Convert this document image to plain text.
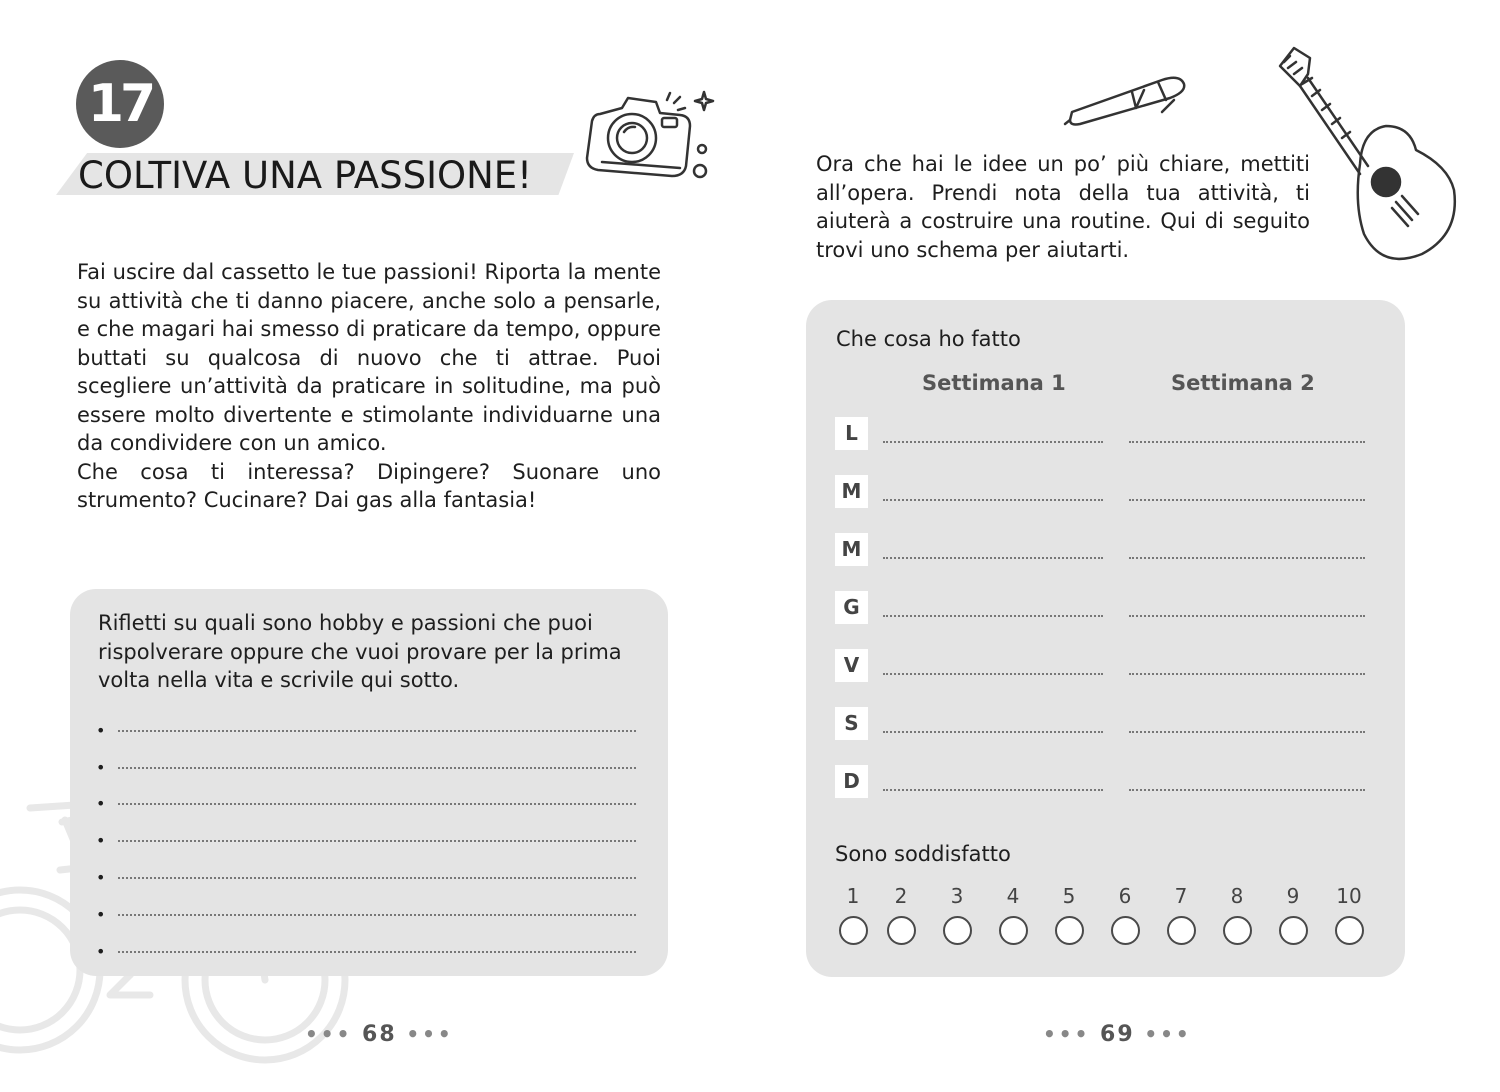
17
COLTIVA UNA PASSIONE!
Fai uscire dal cassetto le tue passioni! Riporta la mente su attività che ti danno piacere, anche solo a pensarle, e che magari hai smesso di praticare da tempo, oppure buttati su qualcosa di nuovo che ti attrae. Puoi scegliere un’attività da praticare in solitudine, ma può essere molto divertente e stimolante individuarne una da condividere con un amico.
Che cosa ti interessa? Dipingere? Suonare uno strumento? Cucinare? Dai gas alla fantasia!

Rifletti su quali sono hobby e passioni che puoi rispolverare oppure che vuoi provare per la prima volta nella vita e scrivile qui sotto.

•
•
•
•
•
•
•
••• 68 •••

Ora che hai le idee un po’ più chiare, mettiti all’opera. Prendi nota della tua attività, ti aiuterà a costruire una routine. Qui di seguito trovi uno schema per aiutarti.

Che cosa ho fatto
Settimana 1	Settimana 2
L
M
M
G
V
S
D
Sono soddisfatto
1	2	3	4	5	6	7	8	9	10
••• 69 •••
